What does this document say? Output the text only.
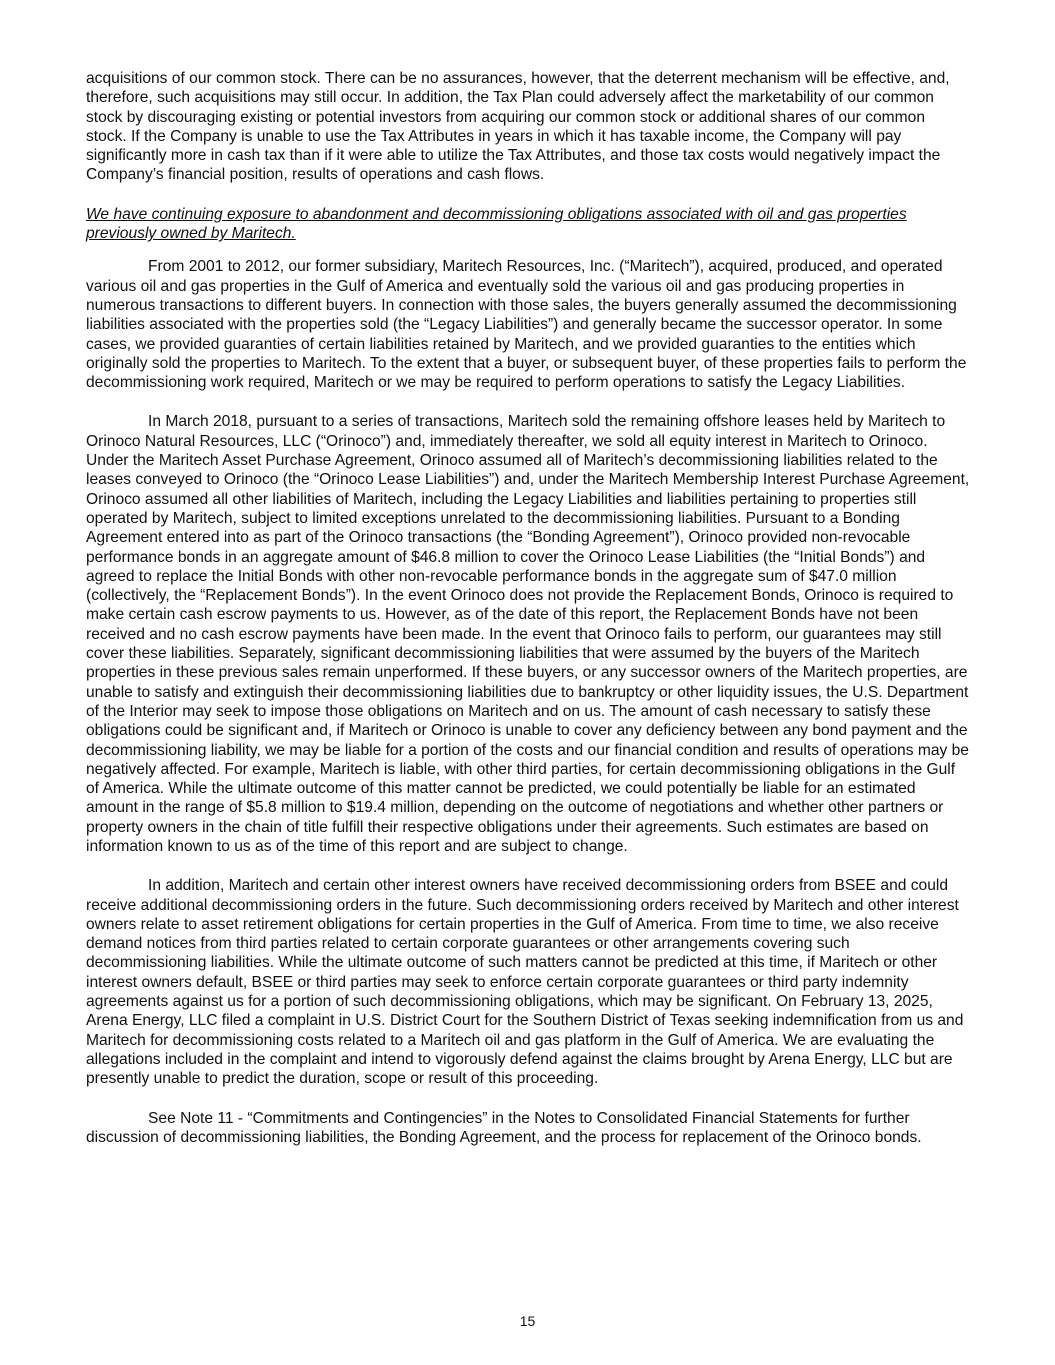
acquisitions of our common stock. There can be no assurances, however, that the deterrent mechanism will be effective, and, therefore, such acquisitions may still occur. In addition, the Tax Plan could adversely affect the marketability of our common stock by discouraging existing or potential investors from acquiring our common stock or additional shares of our common stock. If the Company is unable to use the Tax Attributes in years in which it has taxable income, the Company will pay significantly more in cash tax than if it were able to utilize the Tax Attributes, and those tax costs would negatively impact the Company’s financial position, results of operations and cash flows.

We have continuing exposure to abandonment and decommissioning obligations associated with oil and gas properties previously owned by Maritech.

From 2001 to 2012, our former subsidiary, Maritech Resources, Inc. (“Maritech”), acquired, produced, and operated various oil and gas properties in the Gulf of America and eventually sold the various oil and gas producing properties in numerous transactions to different buyers. In connection with those sales, the buyers generally assumed the decommissioning liabilities associated with the properties sold (the “Legacy Liabilities”) and generally became the successor operator. In some cases, we provided guaranties of certain liabilities retained by Maritech, and we provided guaranties to the entities which originally sold the properties to Maritech. To the extent that a buyer, or subsequent buyer, of these properties fails to perform the decommissioning work required, Maritech or we may be required to perform operations to satisfy the Legacy Liabilities.

In March 2018, pursuant to a series of transactions, Maritech sold the remaining offshore leases held by Maritech to Orinoco Natural Resources, LLC (“Orinoco”) and, immediately thereafter, we sold all equity interest in Maritech to Orinoco. Under the Maritech Asset Purchase Agreement, Orinoco assumed all of Maritech’s decommissioning liabilities related to the leases conveyed to Orinoco (the “Orinoco Lease Liabilities”) and, under the Maritech Membership Interest Purchase Agreement, Orinoco assumed all other liabilities of Maritech, including the Legacy Liabilities and liabilities pertaining to properties still operated by Maritech, subject to limited exceptions unrelated to the decommissioning liabilities. Pursuant to a Bonding Agreement entered into as part of the Orinoco transactions (the “Bonding Agreement”), Orinoco provided non-revocable performance bonds in an aggregate amount of $46.8 million to cover the Orinoco Lease Liabilities (the “Initial Bonds”) and agreed to replace the Initial Bonds with other non-revocable performance bonds in the aggregate sum of $47.0 million (collectively, the “Replacement Bonds”). In the event Orinoco does not provide the Replacement Bonds, Orinoco is required to make certain cash escrow payments to us. However, as of the date of this report, the Replacement Bonds have not been received and no cash escrow payments have been made. In the event that Orinoco fails to perform, our guarantees may still cover these liabilities. Separately, significant decommissioning liabilities that were assumed by the buyers of the Maritech properties in these previous sales remain unperformed. If these buyers, or any successor owners of the Maritech properties, are unable to satisfy and extinguish their decommissioning liabilities due to bankruptcy or other liquidity issues, the U.S. Department of the Interior may seek to impose those obligations on Maritech and on us. The amount of cash necessary to satisfy these obligations could be significant and, if Maritech or Orinoco is unable to cover any deficiency between any bond payment and the decommissioning liability, we may be liable for a portion of the costs and our financial condition and results of operations may be negatively affected. For example, Maritech is liable, with other third parties, for certain decommissioning obligations in the Gulf of America. While the ultimate outcome of this matter cannot be predicted, we could potentially be liable for an estimated amount in the range of $5.8 million to $19.4 million, depending on the outcome of negotiations and whether other partners or property owners in the chain of title fulfill their respective obligations under their agreements. Such estimates are based on information known to us as of the time of this report and are subject to change.

In addition, Maritech and certain other interest owners have received decommissioning orders from BSEE and could receive additional decommissioning orders in the future. Such decommissioning orders received by Maritech and other interest owners relate to asset retirement obligations for certain properties in the Gulf of America. From time to time, we also receive demand notices from third parties related to certain corporate guarantees or other arrangements covering such decommissioning liabilities. While the ultimate outcome of such matters cannot be predicted at this time, if Maritech or other interest owners default, BSEE or third parties may seek to enforce certain corporate guarantees or third party indemnity agreements against us for a portion of such decommissioning obligations, which may be significant. On February 13, 2025, Arena Energy, LLC filed a complaint in U.S. District Court for the Southern District of Texas seeking indemnification from us and Maritech for decommissioning costs related to a Maritech oil and gas platform in the Gulf of America. We are evaluating the allegations included in the complaint and intend to vigorously defend against the claims brought by Arena Energy, LLC but are presently unable to predict the duration, scope or result of this proceeding.

See Note 11 - “Commitments and Contingencies” in the Notes to Consolidated Financial Statements for further discussion of decommissioning liabilities, the Bonding Agreement, and the process for replacement of the Orinoco bonds.

15
